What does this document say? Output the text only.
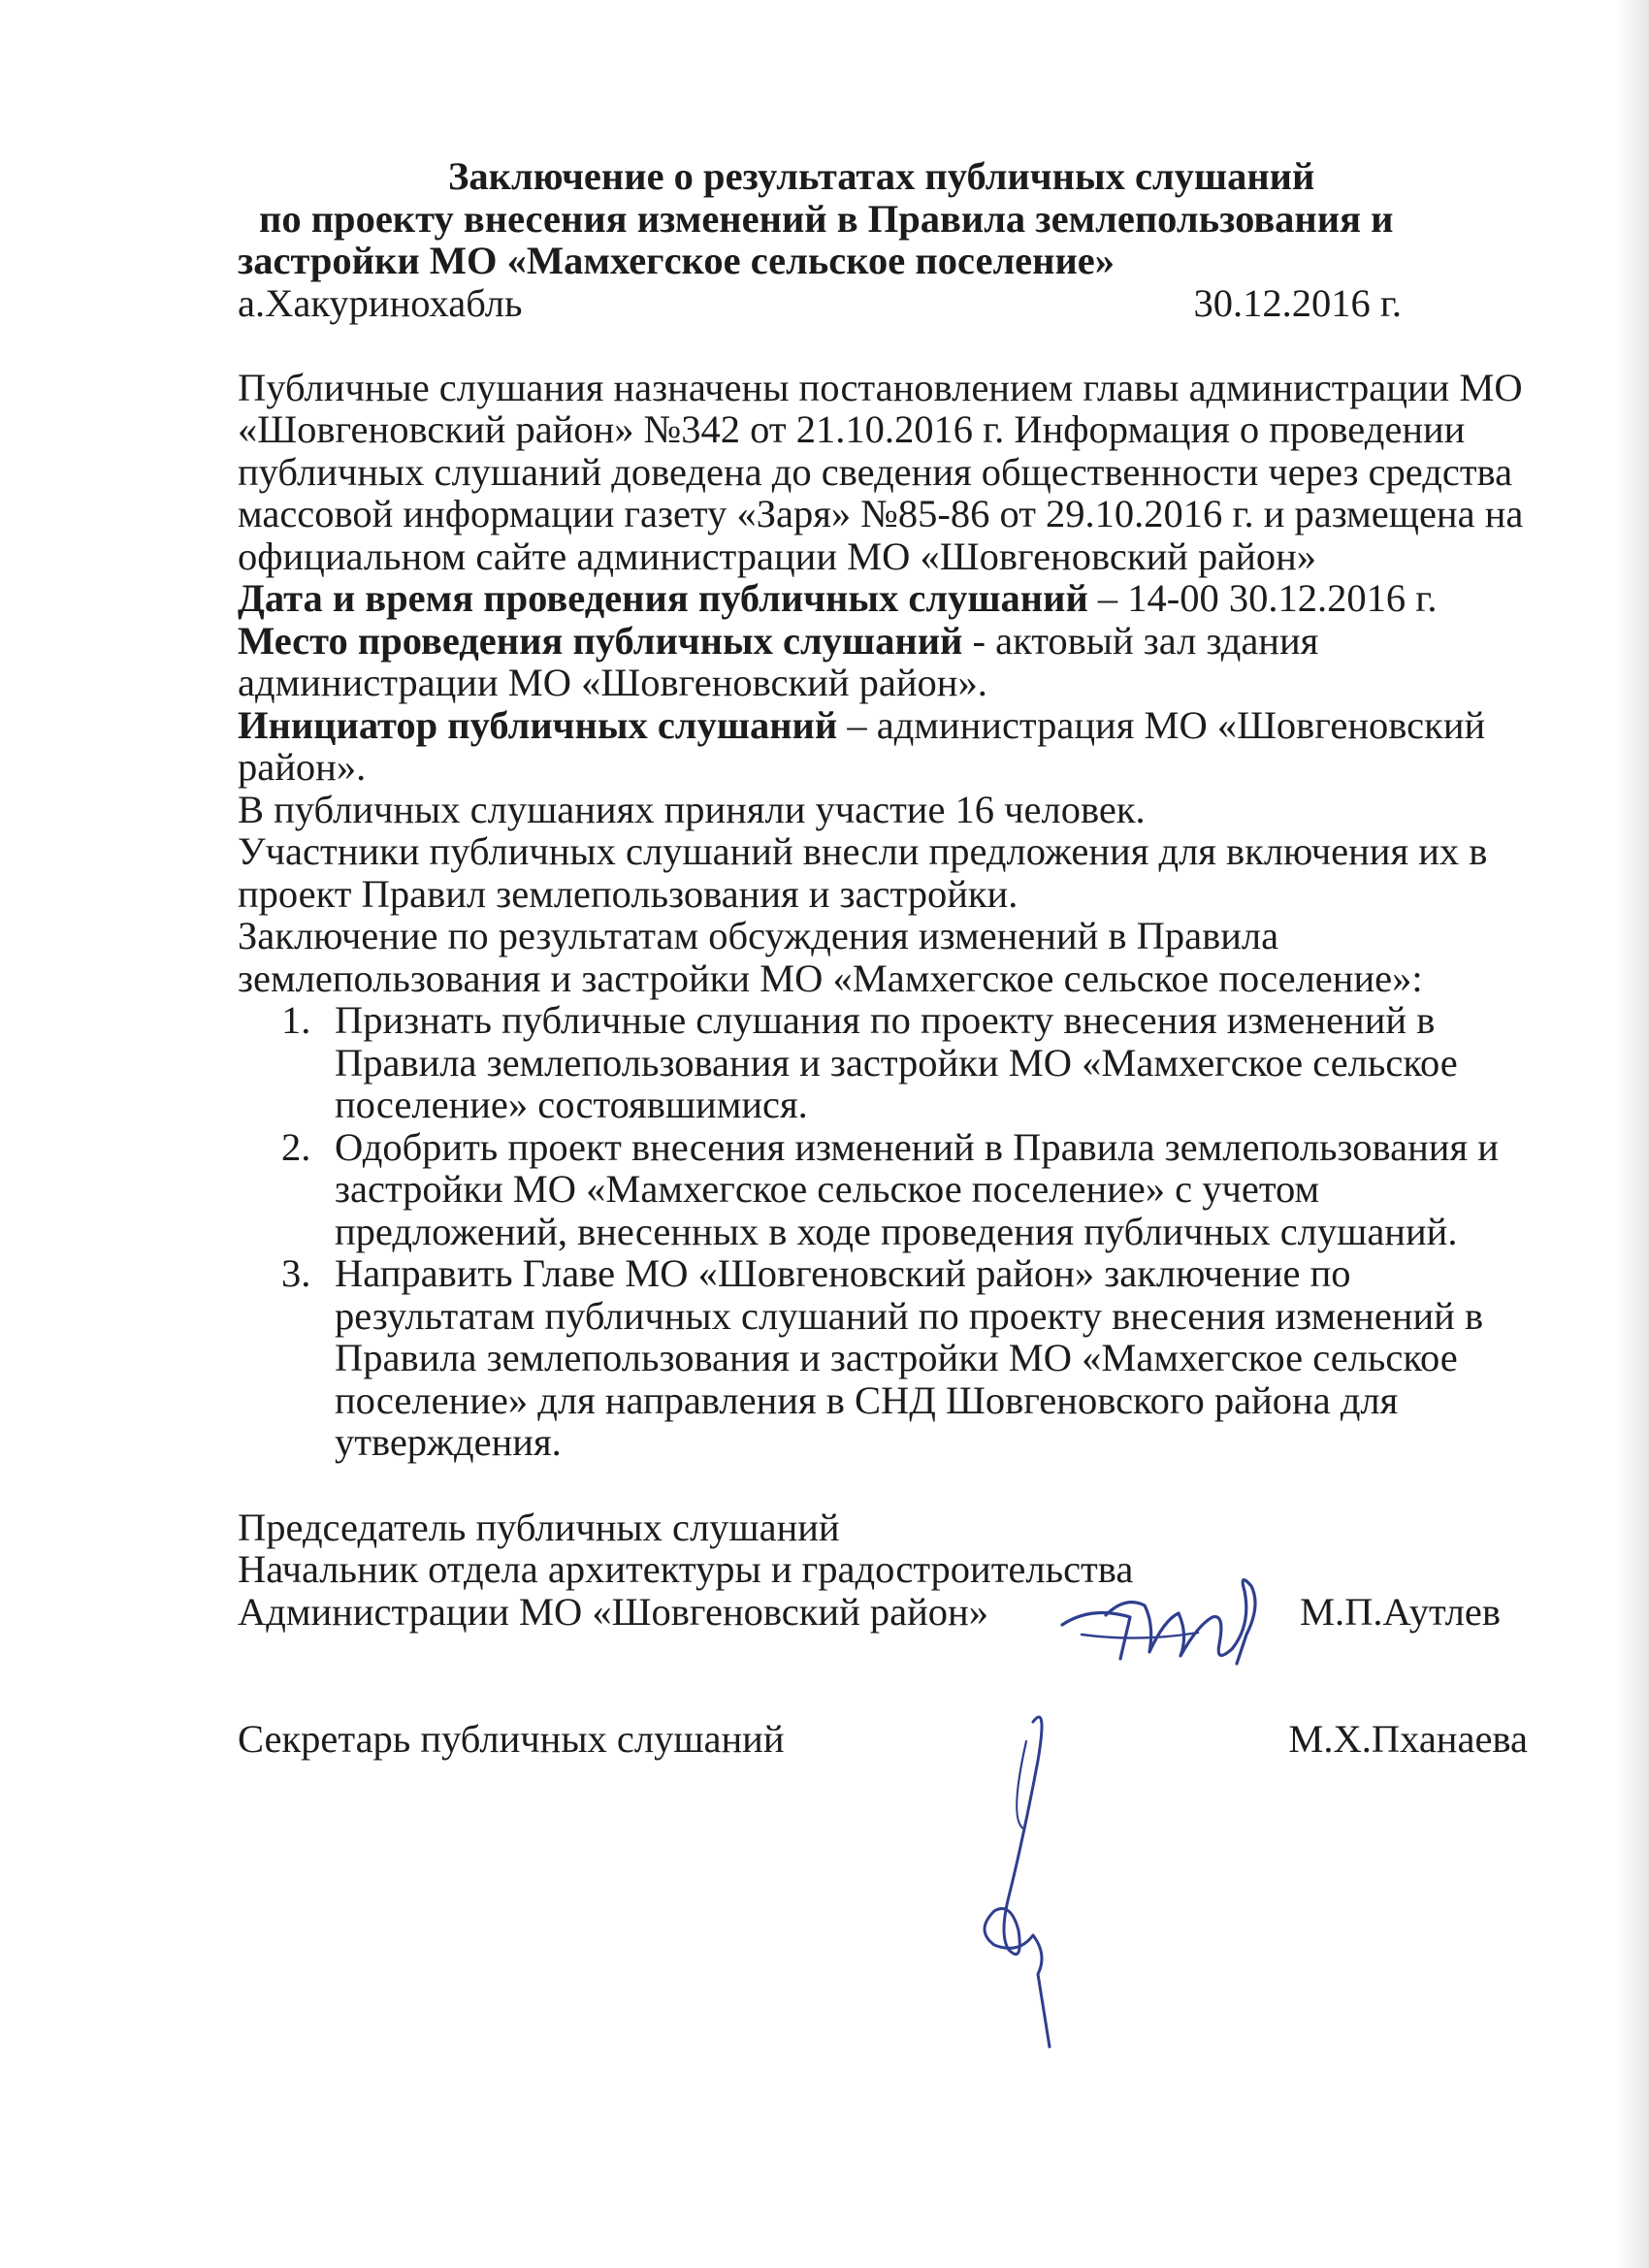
Заключение о результатах публичных слушаний
по проекту внесения изменений в Правила землепользования и
застройки МО «Мамхегское сельское поселение»
а.Хакуринохабль	30.12.2016 г.
Публичные слушания назначены постановлением главы администрации МО
«Шовгеновский район» №342 от 21.10.2016 г. Информация о проведении
публичных слушаний доведена до сведения общественности через средства
массовой информации газету «Заря» №85-86 от 29.10.2016 г. и размещена на
официальном сайте администрации МО «Шовгеновский район»
Дата и время проведения публичных слушаний – 14-00 30.12.2016 г.
Место проведения публичных слушаний - актовый зал здания
администрации МО «Шовгеновский район».
Инициатор публичных слушаний – администрация МО «Шовгеновский
район».
В публичных слушаниях приняли участие 16 человек.
Участники публичных слушаний внесли предложения для включения их в
проект Правил землепользования и застройки.
Заключение по результатам обсуждения изменений в Правила
землепользования и застройки МО «Мамхегское сельское поселение»:
1. Признать публичные слушания по проекту внесения изменений в Правила землепользования и застройки МО «Мамхегское сельское поселение» состоявшимися.
2. Одобрить проект внесения изменений в Правила землепользования и застройки МО «Мамхегское сельское поселение» с учетом предложений, внесенных в ходе проведения публичных слушаний.
3. Направить Главе МО «Шовгеновский район» заключение по результатам публичных слушаний по проекту внесения изменений в Правила землепользования и застройки МО «Мамхегское сельское поселение» для направления в СНД Шовгеновского района для утверждения.
Председатель публичных слушаний
Начальник отдела архитектуры и градостроительства
Администрации МО «Шовгеновский район»	М.П.Аутлев
Секретарь публичных слушаний	М.Х.Пханаева
